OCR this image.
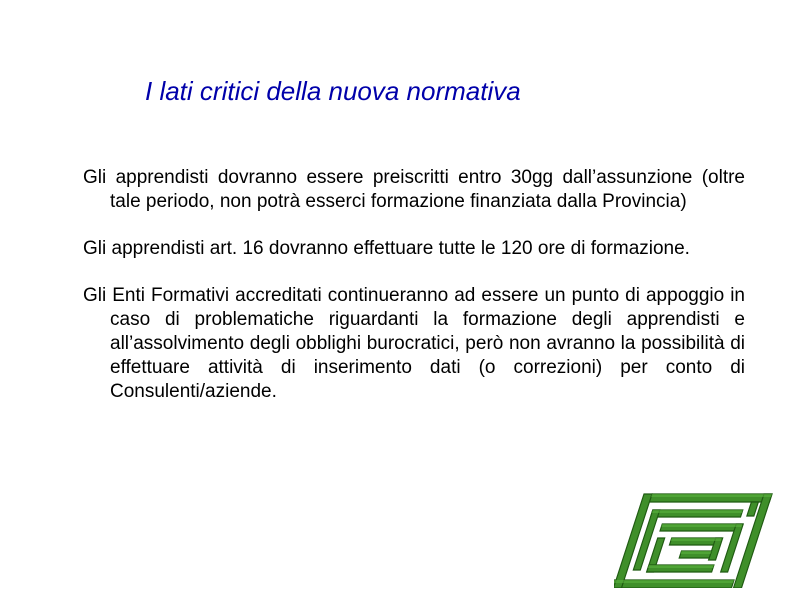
I lati critici della nuova normativa

Gli apprendisti dovranno essere preiscritti entro 30gg dall’assunzione (oltre tale periodo, non potrà esserci formazione finanziata dalla Provincia)

Gli apprendisti art. 16 dovranno effettuare tutte le 120 ore di formazione.

Gli Enti Formativi accreditati continueranno ad essere un punto di appoggio in caso di problematiche riguardanti la formazione degli apprendisti e all’assolvimento degli obblighi burocratici, però non avranno la possibilità di effettuare attività di inserimento dati (o correzioni) per conto di Consulenti/aziende.
